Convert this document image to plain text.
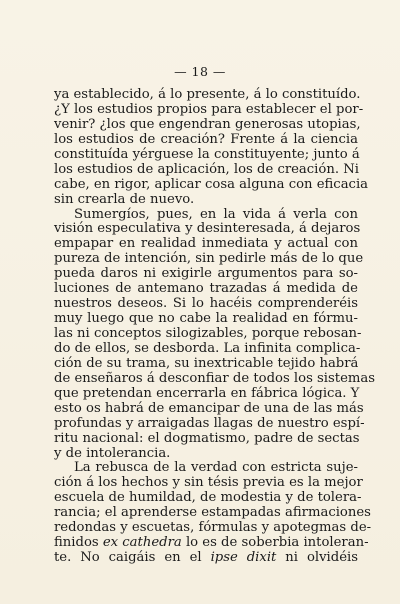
— 18 —
ya establecido, á lo presente, á lo constituído.
¿Y los estudios propios para establecer el por-
venir? ¿los que engendran generosas utopias,
los estudios de creación? Frente á la ciencia
constituída yérguese la constituyente; junto á
los estudios de aplicación, los de creación. Ni
cabe, en rigor, aplicar cosa alguna con eficacia
sin crearla de nuevo.
Sumergíos, pues, en la vida á verla con
visión especulativa y desinteresada, á dejaros
empapar en realidad inmediata y actual con
pureza de intención, sin pedirle más de lo que
pueda daros ni exigirle argumentos para so-
luciones de antemano trazadas á medida de
nuestros deseos. Si lo hacéis comprenderéis
muy luego que no cabe la realidad en fórmu-
las ni conceptos silogizables, porque rebosan-
do de ellos, se desborda. La infinita complica-
ción de su trama, su inextricable tejido habrá
de enseñaros á desconfiar de todos los sistemas
que pretendan encerrarla en fábrica lógica. Y
esto os habrá de emancipar de una de las más
profundas y arraigadas llagas de nuestro espí-
ritu nacional: el dogmatismo, padre de sectas
y de intolerancia.
La rebusca de la verdad con estricta suje-
ción á los hechos y sin tésis previa es la mejor
escuela de humildad, de modestia y de tolera-
rancia; el aprenderse estampadas afirmaciones
redondas y escuetas, fórmulas y apotegmas de-
finidos ex cathedra lo es de soberbia intoleran-
te. No caigáis en el ipse dixit ni olvidéis
